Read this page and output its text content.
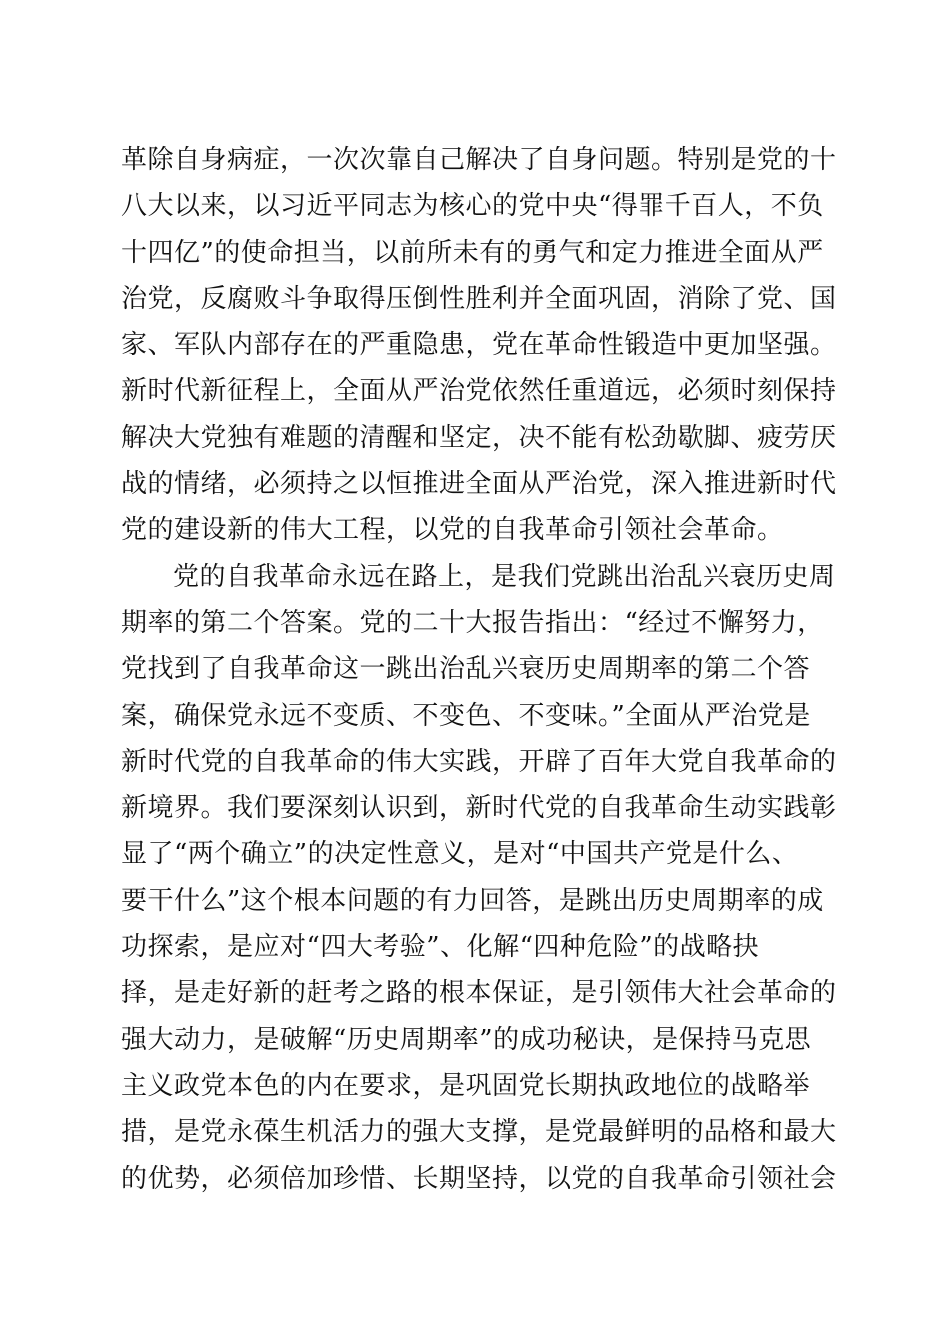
革除自身病症，一次次靠自己解决了自身问题。特别是党的十
八大以来，以习近平同志为核心的党中央“得罪千百人，不负
十四亿”的使命担当，以前所未有的勇气和定力推进全面从严
治党，反腐败斗争取得压倒性胜利并全面巩固，消除了党、国
家、军队内部存在的严重隐患，党在革命性锻造中更加坚强。
新时代新征程上，全面从严治党依然任重道远，必须时刻保持
解决大党独有难题的清醒和坚定，决不能有松劲歇脚、疲劳厌
战的情绪，必须持之以恒推进全面从严治党，深入推进新时代
党的建设新的伟大工程，以党的自我革命引领社会革命。
党的自我革命永远在路上，是我们党跳出治乱兴衰历史周
期率的第二个答案。党的二十大报告指出：“经过不懈努力，
党找到了自我革命这一跳出治乱兴衰历史周期率的第二个答
案，确保党永远不变质、不变色、不变味。”全面从严治党是
新时代党的自我革命的伟大实践，开辟了百年大党自我革命的
新境界。我们要深刻认识到，新时代党的自我革命生动实践彰
显了“两个确立”的决定性意义，是对“中国共产党是什么、
要干什么”这个根本问题的有力回答，是跳出历史周期率的成
功探索，是应对“四大考验”、化解“四种危险”的战略抉
择，是走好新的赶考之路的根本保证，是引领伟大社会革命的
强大动力，是破解“历史周期率”的成功秘诀，是保持马克思
主义政党本色的内在要求，是巩固党长期执政地位的战略举
措，是党永葆生机活力的强大支撑，是党最鲜明的品格和最大
的优势，必须倍加珍惜、长期坚持，以党的自我革命引领社会
